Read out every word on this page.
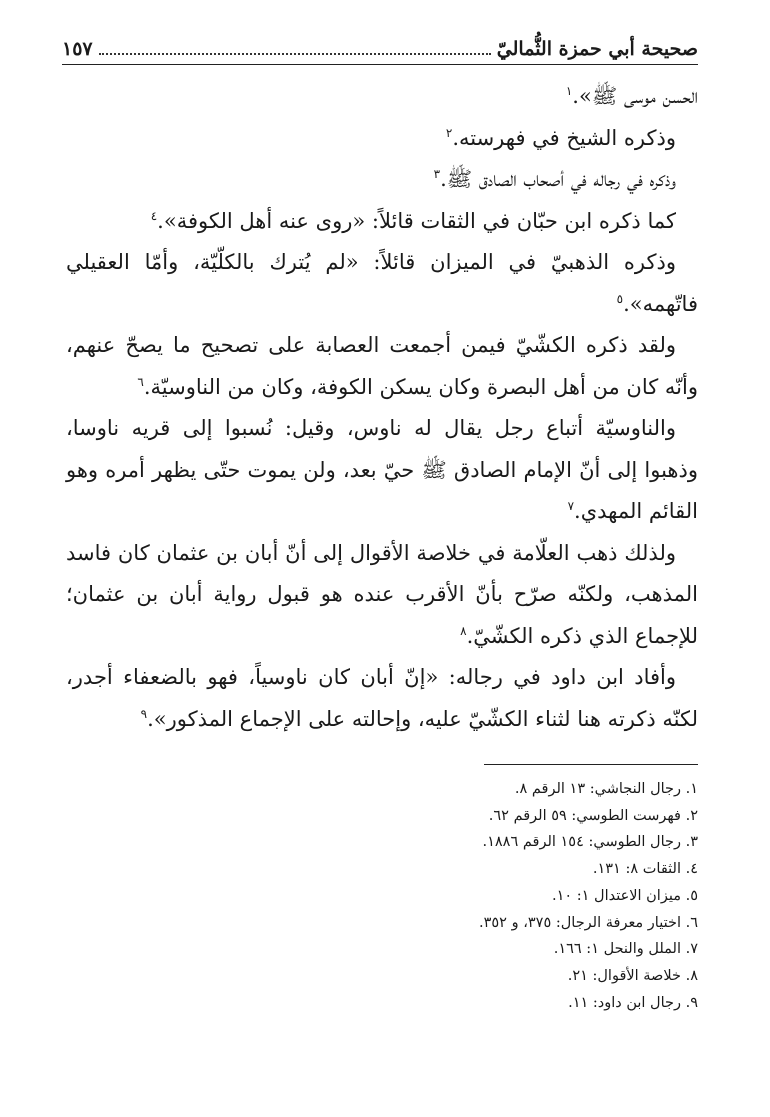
صحيحة أبي حمزة الثُّماليّ
١٥٧

الحسن موسى ﷺ».$^١$

وذكره الشيخ في فهرسته.$^٢$

وذكره في رجاله في أصحاب الصادق ﷺ.$^٣$

كما ذكره ابن حبّان في الثقات قائلاً: «روى عنه أهل الكوفة».$^٤$

وذكره الذهبيّ في الميزان قائلاً: «لم يُترك بالكلّيّة، وأمّا العقيلي فاتّهمه».$^٥$

ولقد ذكره الكشّيّ فيمن أجمعت العصابة على تصحيح ما يصحّ عنهم، وأنّه كان من أهل البصرة وكان يسكن الكوفة، وكان من الناوسيّة.$^٦$

والناوسيّة أتباع رجل يقال له ناوس، وقيل: نُسبوا إلى قريه ناوسا، وذهبوا إلى أنّ الإمام الصادق ﷺ حيّ بعد، ولن يموت حتّى يظهر أمره وهو القائم المهدي.$^٧$

ولذلك ذهب العلّامة في خلاصة الأقوال إلى أنّ أبان بن عثمان كان فاسد المذهب، ولكنّه صرّح بأنّ الأقرب عنده هو قبول رواية أبان بن عثمان؛ للإجماع الذي ذكره الكشّيّ.$^٨$

وأفاد ابن داود في رجاله: «إنّ أبان كان ناوسياً، فهو بالضعفاء أجدر، لكنّه ذكرته هنا لثناء الكشّيّ عليه، وإحالته على الإجماع المذكور».$^٩$

١. رجال النجاشي: ١٣ الرقم ٨.
٢. فهرست الطوسي: ٥٩ الرقم ٦٢.
٣. رجال الطوسي: ١٥٤ الرقم ١٨٨٦.
٤. الثقات ٨: ١٣١.
٥. ميزان الاعتدال ١: ١٠.
٦. اختيار معرفة الرجال: ٣٧٥، و ٣٥٢.
٧. الملل والنحل ١: ١٦٦.
٨. خلاصة الأقوال: ٢١.
٩. رجال ابن داود: ١١.
